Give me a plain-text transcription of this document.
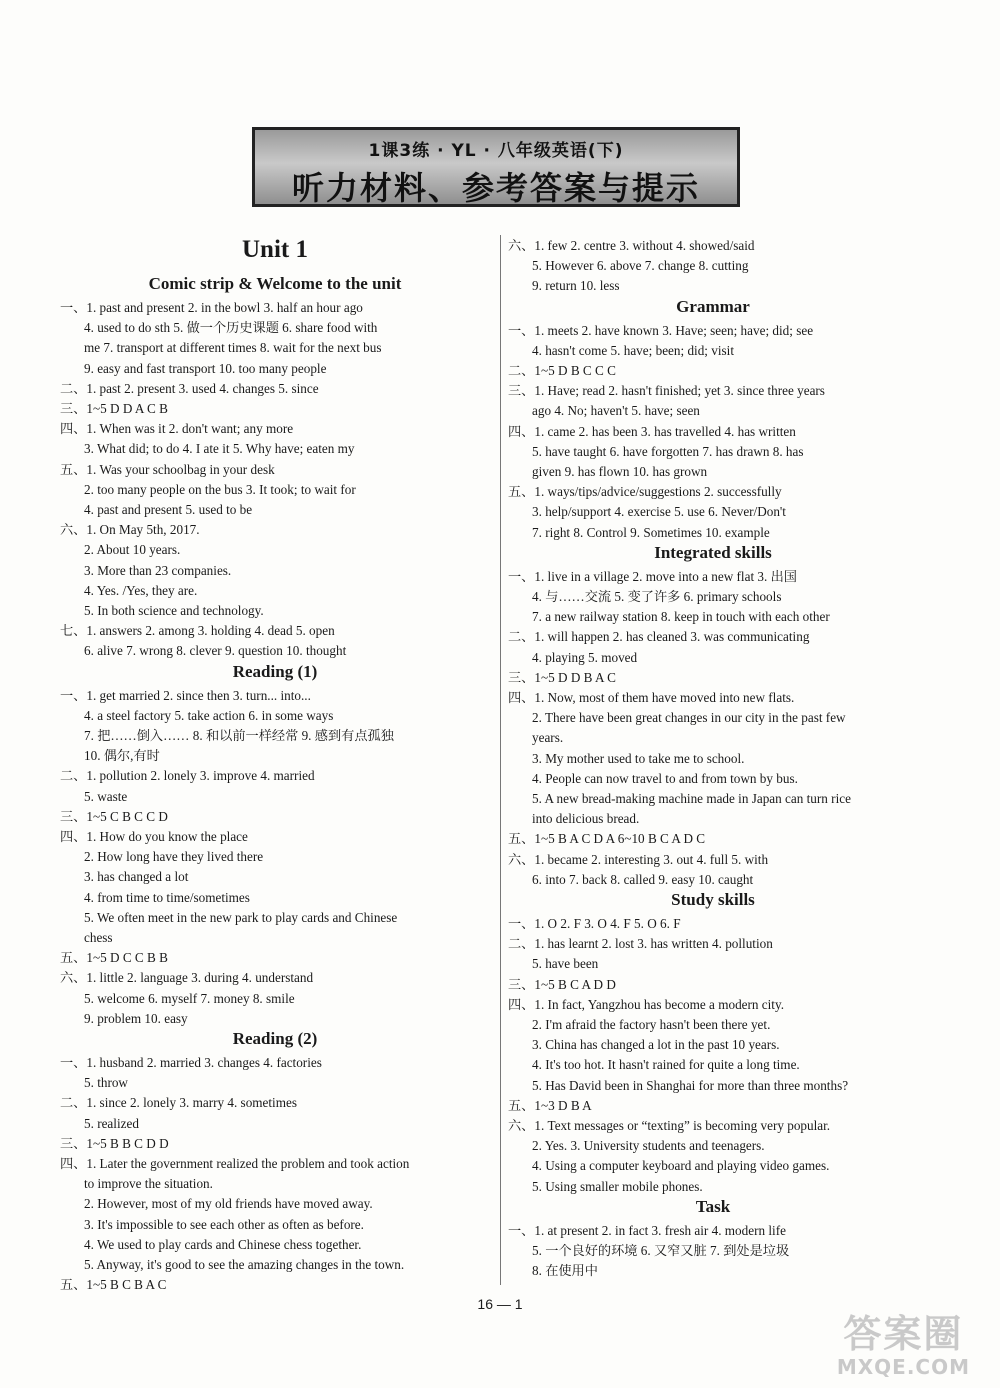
1课3练 · YL · 八年级英语(下)
听力材料、参考答案与提示
Unit 1
Comic strip & Welcome to the unit
一、1. past and present 2. in the bowl 3. half an hour ago
4. used to do sth 5. 做一个历史课题 6. share food with
me 7. transport at different times 8. wait for the next bus
9. easy and fast transport 10. too many people
二、1. past 2. present 3. used 4. changes 5. since
三、1~5 D D A C B
四、1. When was it 2. don't want; any more
3. What did; to do 4. I ate it 5. Why have; eaten my
五、1. Was your schoolbag in your desk
2. too many people on the bus 3. It took; to wait for
4. past and present 5. used to be
六、1. On May 5th, 2017.
2. About 10 years.
3. More than 23 companies.
4. Yes. /Yes, they are.
5. In both science and technology.
七、1. answers 2. among 3. holding 4. dead 5. open
6. alive 7. wrong 8. clever 9. question 10. thought
Reading (1)
一、1. get married 2. since then 3. turn... into...
4. a steel factory 5. take action 6. in some ways
7. 把……倒入…… 8. 和以前一样经常 9. 感到有点孤独
10. 偶尔,有时
二、1. pollution 2. lonely 3. improve 4. married
5. waste
三、1~5 C B C C D
四、1. How do you know the place
2. How long have they lived there
3. has changed a lot
4. from time to time/sometimes
5. We often meet in the new park to play cards and Chinese
chess
五、1~5 D C C B B
六、1. little 2. language 3. during 4. understand
5. welcome 6. myself 7. money 8. smile
9. problem 10. easy
Reading (2)
一、1. husband 2. married 3. changes 4. factories
5. throw
二、1. since 2. lonely 3. marry 4. sometimes
5. realized
三、1~5 B B C D D
四、1. Later the government realized the problem and took action
to improve the situation.
2. However, most of my old friends have moved away.
3. It's impossible to see each other as often as before.
4. We used to play cards and Chinese chess together.
5. Anyway, it's good to see the amazing changes in the town.
五、1~5 B C B A C
六、1. few 2. centre 3. without 4. showed/said
5. However 6. above 7. change 8. cutting
9. return 10. less
Grammar
一、1. meets 2. have known 3. Have; seen; have; did; see
4. hasn't come 5. have; been; did; visit
二、1~5 D B C C C
三、1. Have; read 2. hasn't finished; yet 3. since three years
ago 4. No; haven't 5. have; seen
四、1. came 2. has been 3. has travelled 4. has written
5. have taught 6. have forgotten 7. has drawn 8. has
given 9. has flown 10. has grown
五、1. ways/tips/advice/suggestions 2. successfully
3. help/support 4. exercise 5. use 6. Never/Don't
7. right 8. Control 9. Sometimes 10. example
Integrated skills
一、1. live in a village 2. move into a new flat 3. 出国
4. 与……交流 5. 变了许多 6. primary schools
7. a new railway station 8. keep in touch with each other
二、1. will happen 2. has cleaned 3. was communicating
4. playing 5. moved
三、1~5 D D B A C
四、1. Now, most of them have moved into new flats.
2. There have been great changes in our city in the past few
years.
3. My mother used to take me to school.
4. People can now travel to and from town by bus.
5. A new bread-making machine made in Japan can turn rice
into delicious bread.
五、1~5 B A C D A 6~10 B C A D C
六、1. became 2. interesting 3. out 4. full 5. with
6. into 7. back 8. called 9. easy 10. caught
Study skills
一、1. O 2. F 3. O 4. F 5. O 6. F
二、1. has learnt 2. lost 3. has written 4. pollution
5. have been
三、1~5 B C A D D
四、1. In fact, Yangzhou has become a modern city.
2. I'm afraid the factory hasn't been there yet.
3. China has changed a lot in the past 10 years.
4. It's too hot. It hasn't rained for quite a long time.
5. Has David been in Shanghai for more than three months?
五、1~3 D B A
六、1. Text messages or “texting” is becoming very popular.
2. Yes. 3. University students and teenagers.
4. Using a computer keyboard and playing video games.
5. Using smaller mobile phones.
Task
一、1. at present 2. in fact 3. fresh air 4. modern life
5. 一个良好的环境 6. 又窄又脏 7. 到处是垃圾
8. 在使用中
16 — 1
答案圈
MXQE.COM
